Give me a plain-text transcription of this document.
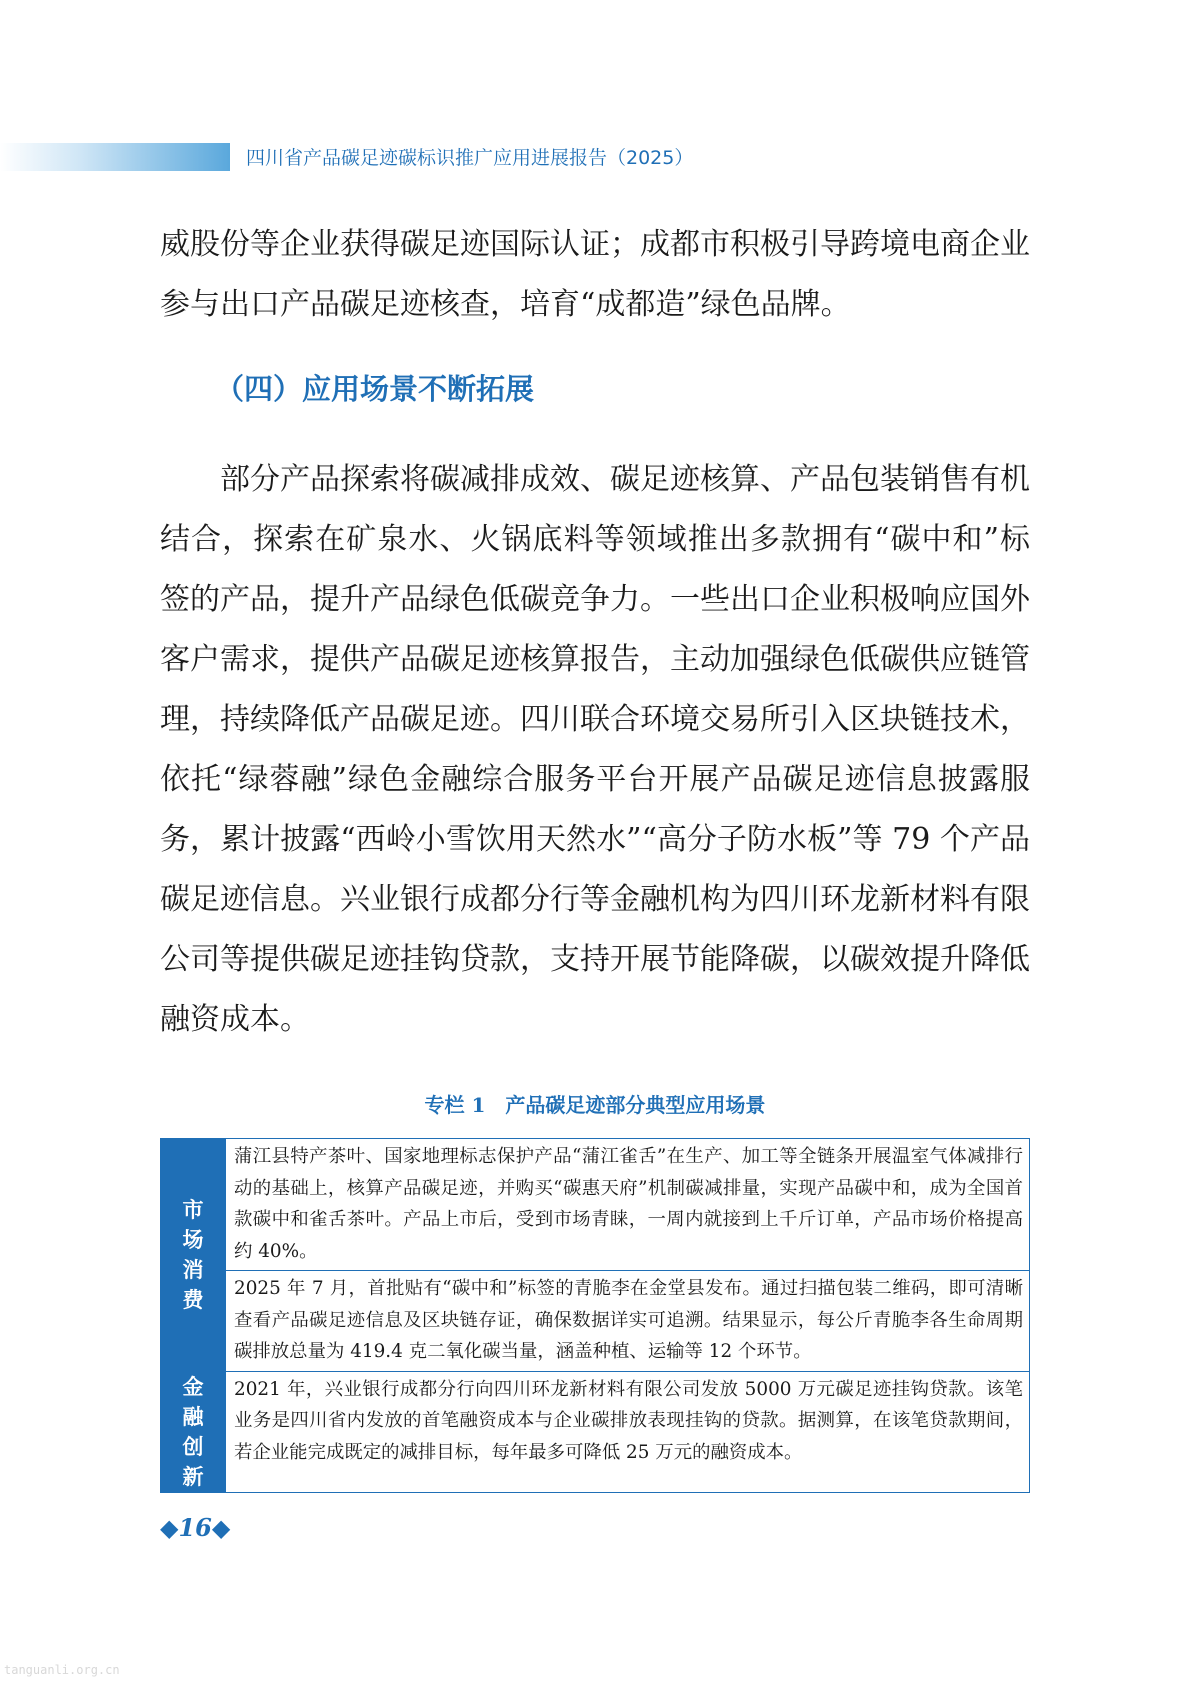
四川省产品碳足迹碳标识推广应用进展报告（2025）
威股份等企业获得碳足迹国际认证；成都市积极引导跨境电商企业参与出口产品碳足迹核查，培育“成都造”绿色品牌。
（四）应用场景不断拓展
部分产品探索将碳减排成效、碳足迹核算、产品包装销售有机结合，探索在矿泉水、火锅底料等领域推出多款拥有“碳中和”标签的产品，提升产品绿色低碳竞争力。一些出口企业积极响应国外客户需求，提供产品碳足迹核算报告，主动加强绿色低碳供应链管理，持续降低产品碳足迹。四川联合环境交易所引入区块链技术，依托“绿蓉融”绿色金融综合服务平台开展产品碳足迹信息披露服务，累计披露“西岭小雪饮用天然水”“高分子防水板”等 79 个产品碳足迹信息。兴业银行成都分行等金融机构为四川环龙新材料有限公司等提供碳足迹挂钩贷款，支持开展节能降碳，以碳效提升降低融资成本。
专栏 1　产品碳足迹部分典型应用场景
市场消费	蒲江县特产茶叶、国家地理标志保护产品“蒲江雀舌”在生产、加工等全链条开展温室气体减排行动的基础上，核算产品碳足迹，并购买“碳惠天府”机制碳减排量，实现产品碳中和，成为全国首款碳中和雀舌茶叶。产品上市后，受到市场青睐，一周内就接到上千斤订单，产品市场价格提高约 40%。
	2025 年 7 月，首批贴有“碳中和”标签的青脆李在金堂县发布。通过扫描包装二维码，即可清晰查看产品碳足迹信息及区块链存证，确保数据详实可追溯。结果显示，每公斤青脆李各生命周期碳排放总量为 419.4 克二氧化碳当量，涵盖种植、运输等 12 个环节。

金融创新	2021 年，兴业银行成都分行向四川环龙新材料有限公司发放 5000 万元碳足迹挂钩贷款。该笔业务是四川省内发放的首笔融资成本与企业碳排放表现挂钩的贷款。据测算，在该笔贷款期间，若企业能完成既定的减排目标，每年最多可降低 25 万元的融资成本。
◆16◆
tanguanli.org.cn
